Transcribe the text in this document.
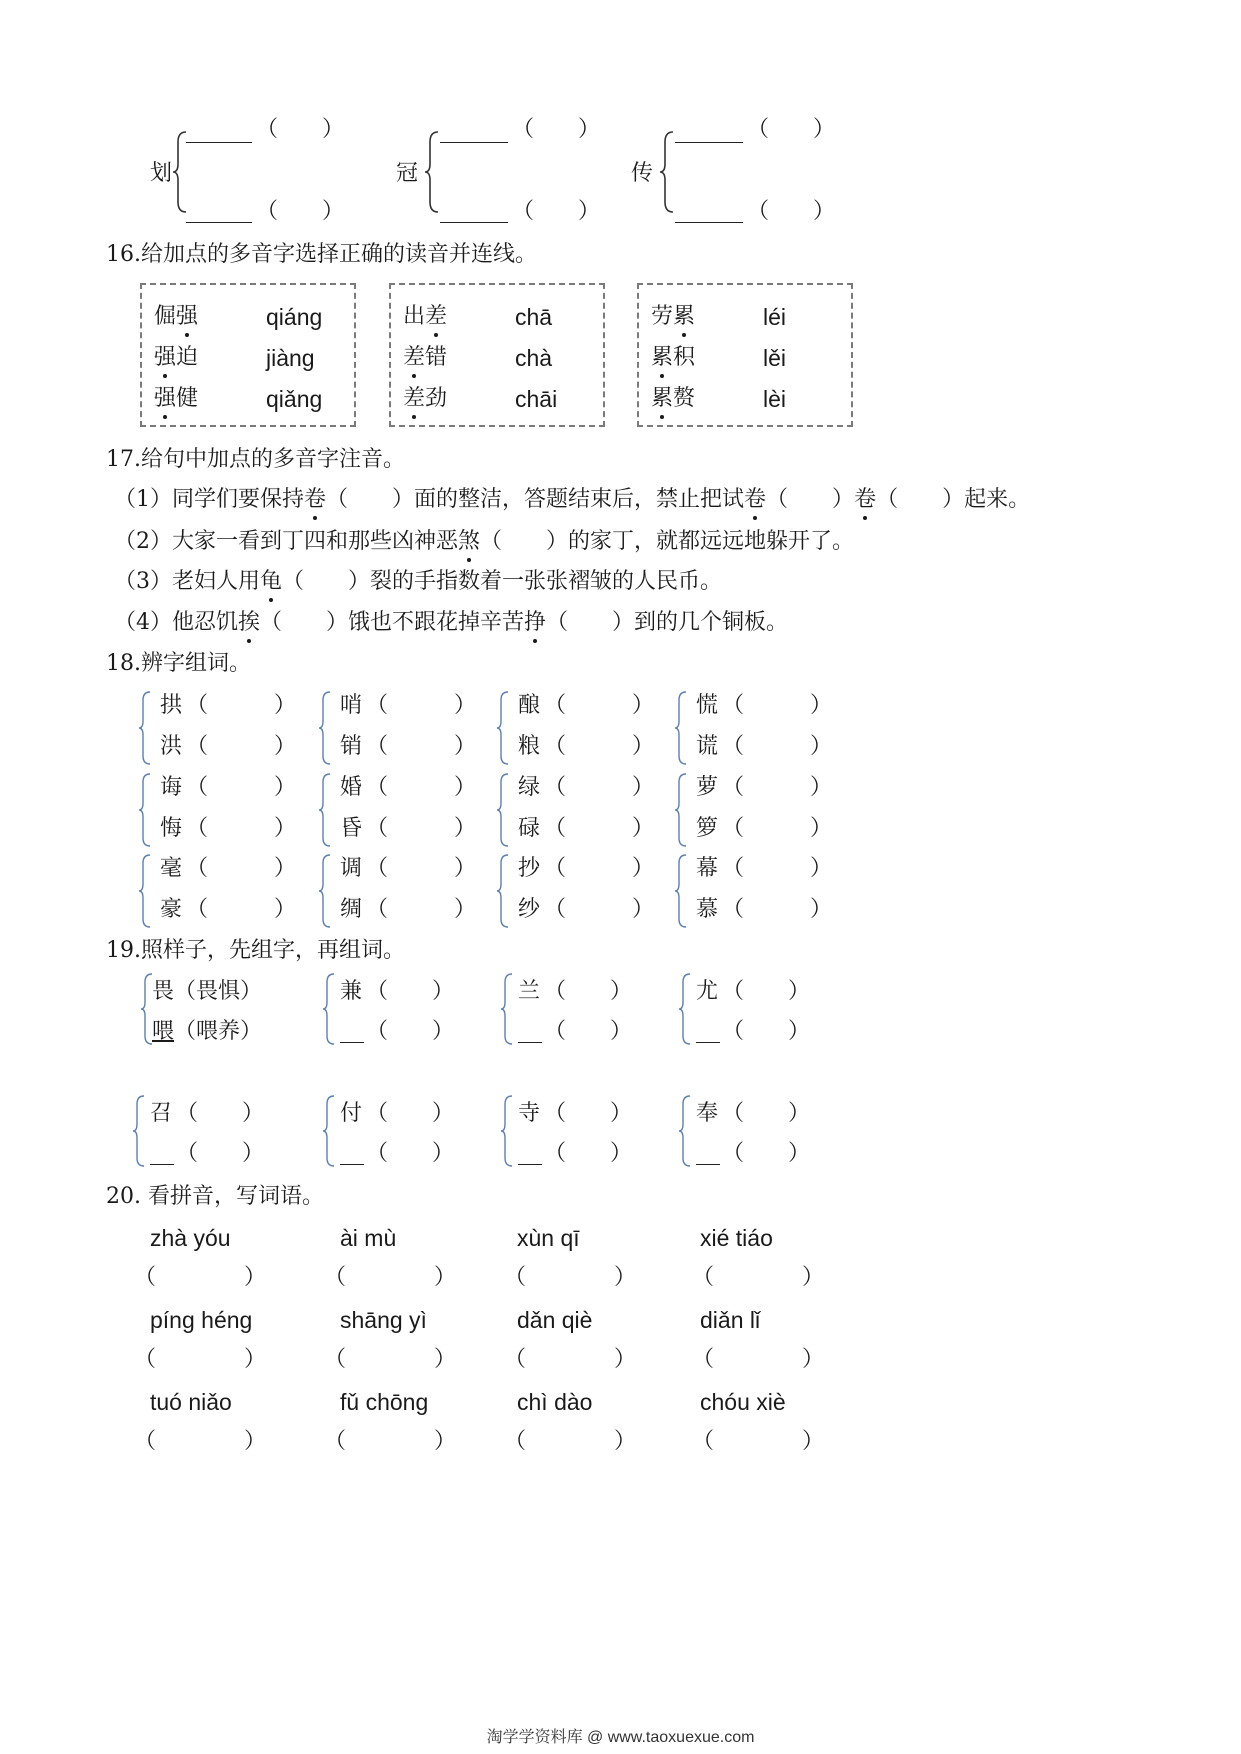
划
（　　）
（　　）
冠
（　　）
（　　）
传
（　　）
（　　）
16.给加点的多音字选择正确的读音并连线。
倔强
强迫
强健
qiáng
jiàng
qiǎng
出差
差错
差劲
chā
chà
chāi
劳累
累积
累赘
léi
lěi
lèi
17.给句中加点的多音字注音。
（1）同学们要保持卷（　　）面的整洁，答题结束后，禁止把试卷（　　）卷（　　）起来。
（2）大家一看到丁四和那些凶神恶煞（　　）的家丁，就都远远地躲开了。
（3）老妇人用龟（　　）裂的手指数着一张张褶皱的人民币。
（4）他忍饥挨（　　）饿也不跟花掉辛苦挣（　　）到的几个铜板。
18.辨字组词。
拱 （　　　）
洪 （　　　）
哨 （　　　）
销 （　　　）
酿 （　　　）
粮 （　　　）
慌 （　　　）
谎 （　　　）
诲 （　　　）
悔 （　　　）
婚 （　　　）
昏 （　　　）
绿 （　　　）
碌 （　　　）
萝 （　　　）
箩 （　　　）
毫 （　　　）
豪 （　　　）
调 （　　　）
绸 （　　　）
抄 （　　　）
纱 （　　　）
幕 （　　　）
慕 （　　　）
19.照样子，先组字，再组词。
畏（畏惧）
喂（喂养）
兼 （　　）
（　　）
兰 （　　）
（　　）
尤 （　　）
（　　）
召 （　　）
（　　）
付 （　　）
（　　）
寺 （　　）
（　　）
奉 （　　）
（　　）
20. 看拼音，写词语。
zhà yóu
（　　　　）
ài mù
（　　　　）
xùn qī
（　　　　）
xié tiáo
（　　　　）
píng héng
（　　　　）
shāng yì
（　　　　）
dǎn qiè
（　　　　）
diǎn lǐ
（　　　　）
tuó niǎo
（　　　　）
fǔ chōng
（　　　　）
chì dào
（　　　　）
chóu xiè
（　　　　）
淘学学资料库 @ www.taoxuexue.com
